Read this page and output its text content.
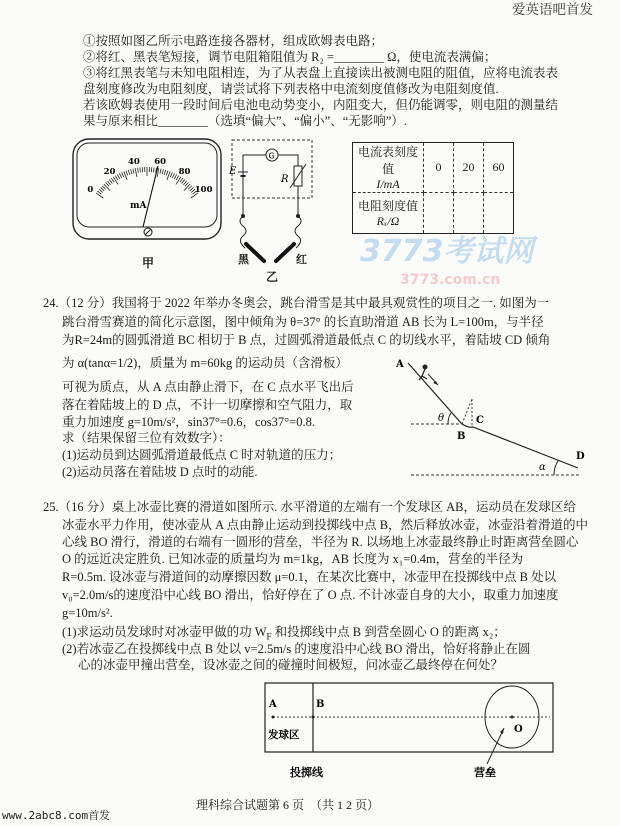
爱英语吧首发
①按照如图乙所示电路连接各器材，组成欧姆表电路；
②将红、黑表笔短接，调节电阻箱阻值为 R₂ =________ Ω，使电流表满偏；
③将红黑表笔与未知电阻相连，为了从表盘上直接读出被测电阻的阻值，应将电流表表
盘刻度修改为电阻刻度，请尝试将下列表格中电流刻度值修改为电阻刻度值.
若该欧姆表使用一段时间后电池电动势变小，内阻变大，但仍能调零，则电阻的测量结
果与原来相比________（选填“偏大”、“偏小”、“无影响”）.
0
20
40 60
80
100
mA
甲
G
E
R
黑	红
乙
电流表刻度值
I/mA	0	20	60
电阻刻度值
Rₓ/Ω			
3773考试网
3773.com.cn
24.（12 分）我国将于 2022 年举办冬奥会，跳台滑雪是其中最具观赏性的项目之一. 如图为一
跳台滑雪赛道的简化示意图，图中倾角为 θ=37° 的长直助滑道 AB 长为 L=100m，与半径
为R=24m的圆弧滑道 BC 相切于 B 点，过圆弧滑道最低点 C 的切线水平，着陆坡 CD 倾角
为 α(tanα=1/2)，质量为 m=60kg 的运动员（含滑板）
可视为质点，从 A 点由静止滑下，在 C 点水平飞出后
落在着陆坡上的 D 点，不计一切摩擦和空气阻力，取
重力加速度 g=10m/s²，sin37°=0.6，cos37°=0.8.
求（结果保留三位有效数字）：
(1)运动员到达圆弧滑道最低点 C 时对轨道的压力；
(2)运动员落在着陆坡 D 点时的动能.
A
θ
B
C
α
D
25.（16 分）桌上冰壶比赛的滑道如图所示. 水平滑道的左端有一个发球区 AB，运动员在发球区给
冰壶水平力作用，使冰壶从 A 点由静止运动到投掷线中点 B，然后释放冰壶，冰壶沿着滑道的中
心线 BO 滑行，滑道的右端有一圆形的营垒，半径为 R. 以场地上冰壶最终静止时距离营垒圆心
O 的远近决定胜负. 已知冰壶的质量均为 m=1kg，AB 长度为 x₁=0.4m，营垒的半径为
R=0.5m. 设冰壶与滑道间的动摩擦因数 μ=0.1，在某次比赛中，冰壶甲在投掷线中点 B 处以
v₀=2.0m/s的速度沿中心线 BO 滑出，恰好停在了 O 点. 不计冰壶自身的大小，取重力加速度
g=10m/s².
(1)求运动员发球时对冰壶甲做的功 $W_F$ 和投掷线中点 B 到营垒圆心 O 的距离 x₂；
(2)若冰壶乙在投掷线中点 B 处以 v=2.5m/s 的速度沿中心线 BO 滑出，恰好将静止在圆
心的冰壶甲撞出营垒，设冰壶之间的碰撞时间极短，问冰壶乙最终停在何处？
A	B
O
发球区
投掷线	营垒
理科综合试题第 6 页　（共 1 2 页）
www.2abc8.com首发
